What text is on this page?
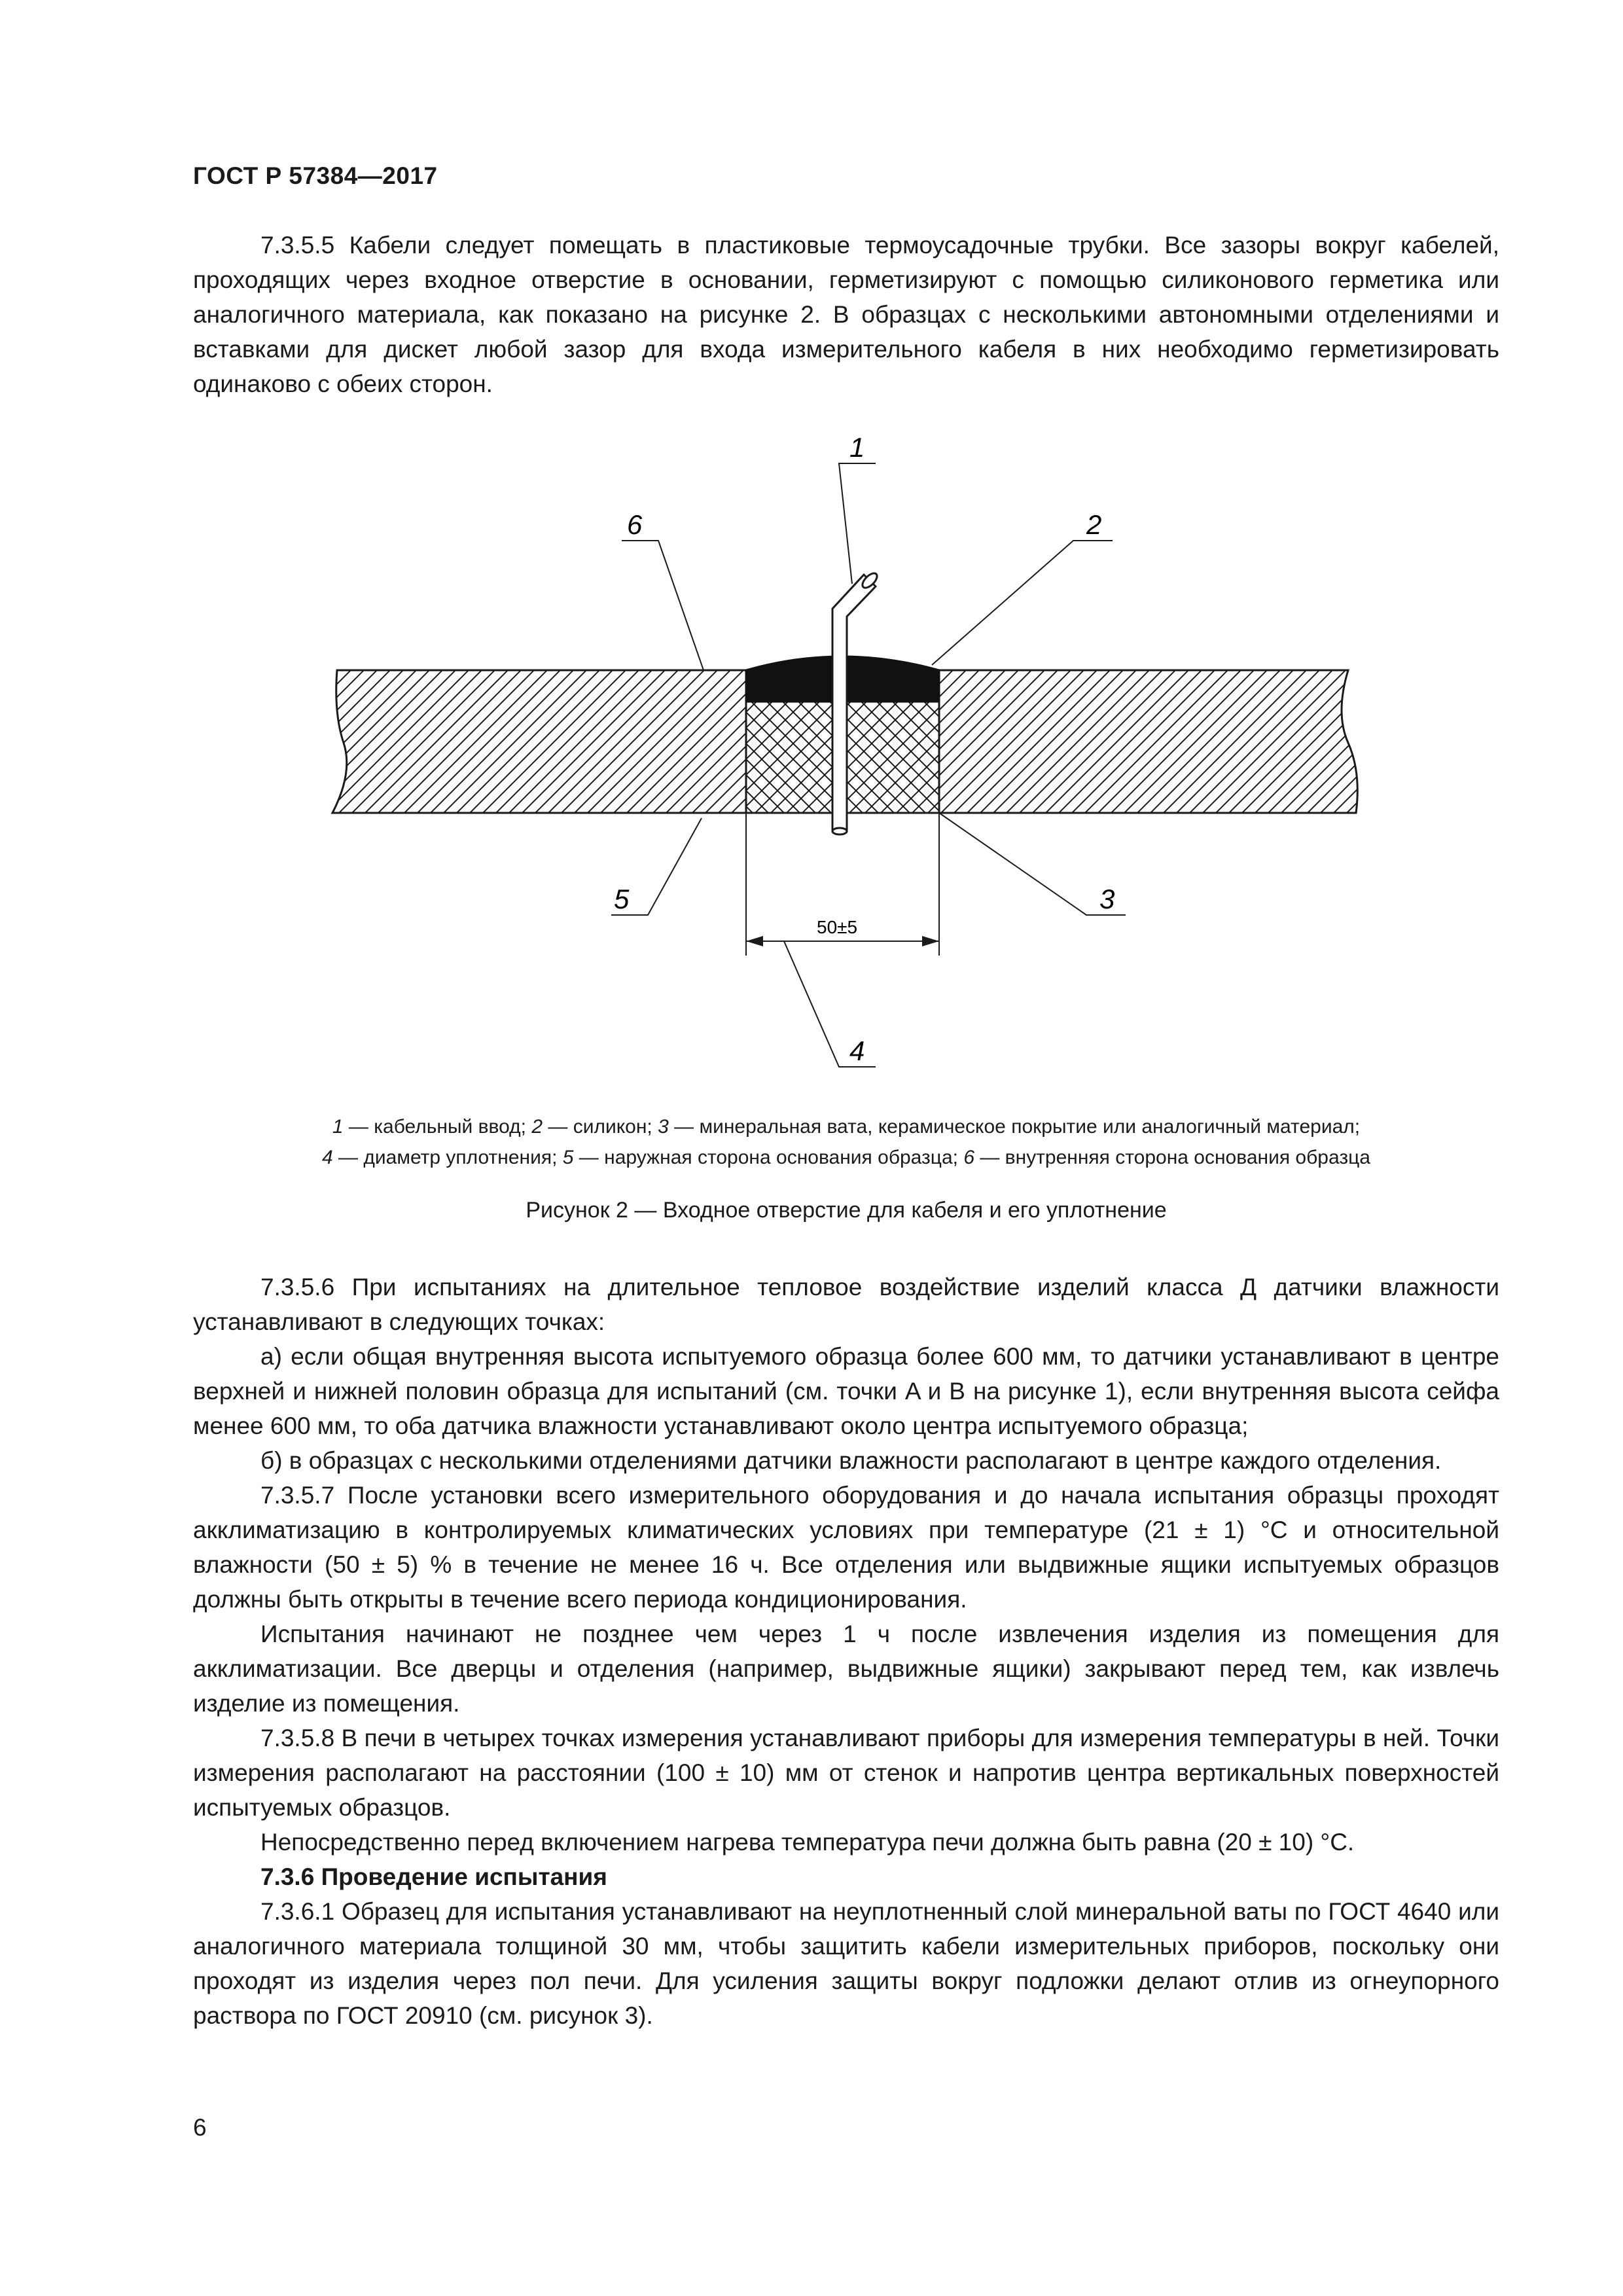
ГОСТ Р 57384—2017

7.3.5.5 Кабели следует помещать в пластиковые термоусадочные трубки. Все зазоры вокруг кабелей, проходящих через входное отверстие в основании, герметизируют с помощью силиконового герметика или аналогичного материала, как показано на рисунке 2. В образцах с несколькими автономными отделениями и вставками для дискет любой зазор для входа измерительного кабеля в них необходимо герметизировать одинаково с обеих сторон.

1
2
6
5	3
4
50±5
1 — кабельный ввод; 2 — силикон; 3 — минеральная вата, керамическое покрытие или аналогичный материал;
4 — диаметр уплотнения; 5 — наружная сторона основания образца; 6 — внутренняя сторона основания образца
Рисунок 2 — Входное отверстие для кабеля и его уплотнение

7.3.5.6 При испытаниях на длительное тепловое воздействие изделий класса Д датчики влажности устанавливают в следующих точках:

а) если общая внутренняя высота испытуемого образца более 600 мм, то датчики устанавливают в центре верхней и нижней половин образца для испытаний (см. точки A и B на рисунке 1), если внутренняя высота сейфа менее 600 мм, то оба датчика влажности устанавливают около центра испытуемого образца;

б) в образцах с несколькими отделениями датчики влажности располагают в центре каждого отделения.

7.3.5.7 После установки всего измерительного оборудования и до начала испытания образцы проходят акклиматизацию в контролируемых климатических условиях при температуре (21 ± 1) °С и относительной влажности (50 ± 5) % в течение не менее 16 ч. Все отделения или выдвижные ящики испытуемых образцов должны быть открыты в течение всего периода кондиционирования.

Испытания начинают не позднее чем через 1 ч после извлечения изделия из помещения для акклиматизации. Все дверцы и отделения (например, выдвижные ящики) закрывают перед тем, как извлечь изделие из помещения.

7.3.5.8 В печи в четырех точках измерения устанавливают приборы для измерения температуры в ней. Точки измерения располагают на расстоянии (100 ± 10) мм от стенок и напротив центра вертикальных поверхностей испытуемых образцов.

Непосредственно перед включением нагрева температура печи должна быть равна (20 ± 10) °С.

7.3.6 Проведение испытания

7.3.6.1 Образец для испытания устанавливают на неуплотненный слой минеральной ваты по ГОСТ 4640 или аналогичного материала толщиной 30 мм, чтобы защитить кабели измерительных приборов, поскольку они проходят из изделия через пол печи. Для усиления защиты вокруг подложки делают отлив из огнеупорного раствора по ГОСТ 20910 (см. рисунок 3).

6
